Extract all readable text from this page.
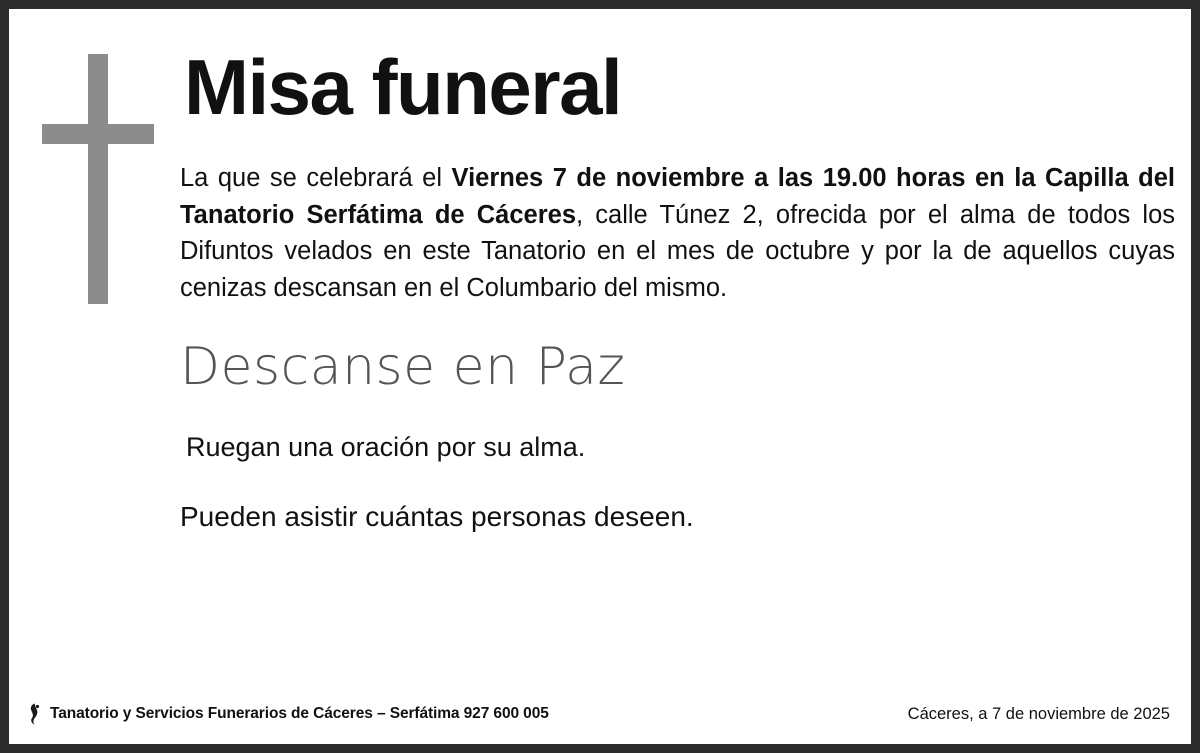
Misa funeral

La que se celebrará el Viernes 7 de noviembre a las 19.00 horas en la Capilla del Tanatorio Serfátima de Cáceres, calle Túnez 2, ofrecida por el alma de todos los Difuntos velados en este Tanatorio en el mes de octubre y por la de aquellos cuyas cenizas descansan en el Columbario del mismo.

Descanse en Paz
Ruegan una oración por su alma.
Pueden asistir cuántas personas deseen.
Tanatorio y Servicios Funerarios de Cáceres – Serfátima 927 600 005	Cáceres, a 7 de noviembre de 2025
